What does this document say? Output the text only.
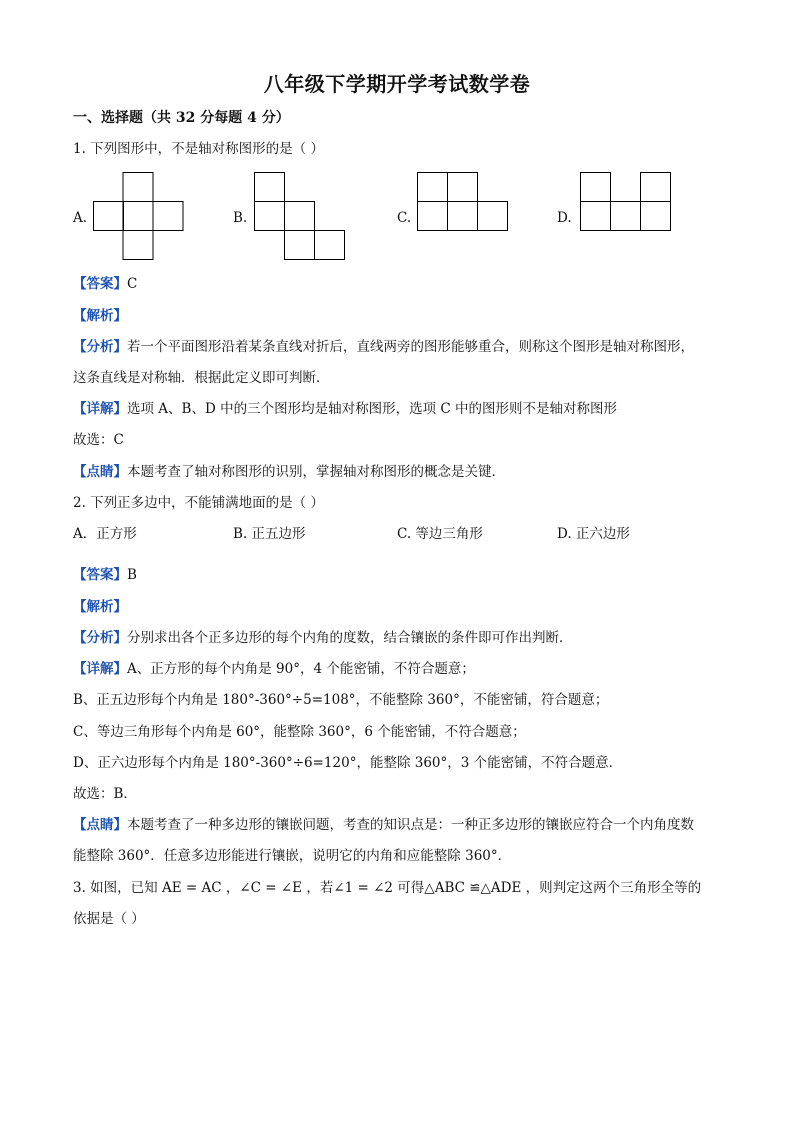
八年级下学期开学考试数学卷
一、选择题（共 32 分每题 4 分）
1. 下列图形中，不是轴对称图形的是（ ）
A.	B.	C.	D.
【答案】C
【解析】
【分析】若一个平面图形沿着某条直线对折后，直线两旁的图形能够重合，则称这个图形是轴对称图形，
这条直线是对称轴．根据此定义即可判断．
【详解】选项 A、B、D 中的三个图形均是轴对称图形，选项 C 中的图形则不是轴对称图形
故选：C
【点睛】本题考查了轴对称图形的识别，掌握轴对称图形的概念是关键．
2. 下列正多边中，不能铺满地面的是（ ）
A．正方形	B. 正五边形	C. 等边三角形	D. 正六边形
【答案】B
【解析】
【分析】分别求出各个正多边形的每个内角的度数，结合镶嵌的条件即可作出判断．
【详解】A、正方形的每个内角是 90°，4 个能密铺，不符合题意；
B、正五边形每个内角是 180°-360°÷5=108°，不能整除 360°，不能密铺，符合题意；
C、等边三角形每个内角是 60°，能整除 360°，6 个能密铺，不符合题意；
D、正六边形每个内角是 180°-360°÷6=120°，能整除 360°，3 个能密铺，不符合题意．
故选：B．
【点睛】本题考查了一种多边形的镶嵌问题，考查的知识点是：一种正多边形的镶嵌应符合一个内角度数
能整除 360°．任意多边形能进行镶嵌，说明它的内角和应能整除 360°．
3. 如图，已知 AE = AC ，∠C = ∠E ，若∠1 = ∠2 可得△ABC ≌△ADE ，则判定这两个三角形全等的
依据是（ ）
